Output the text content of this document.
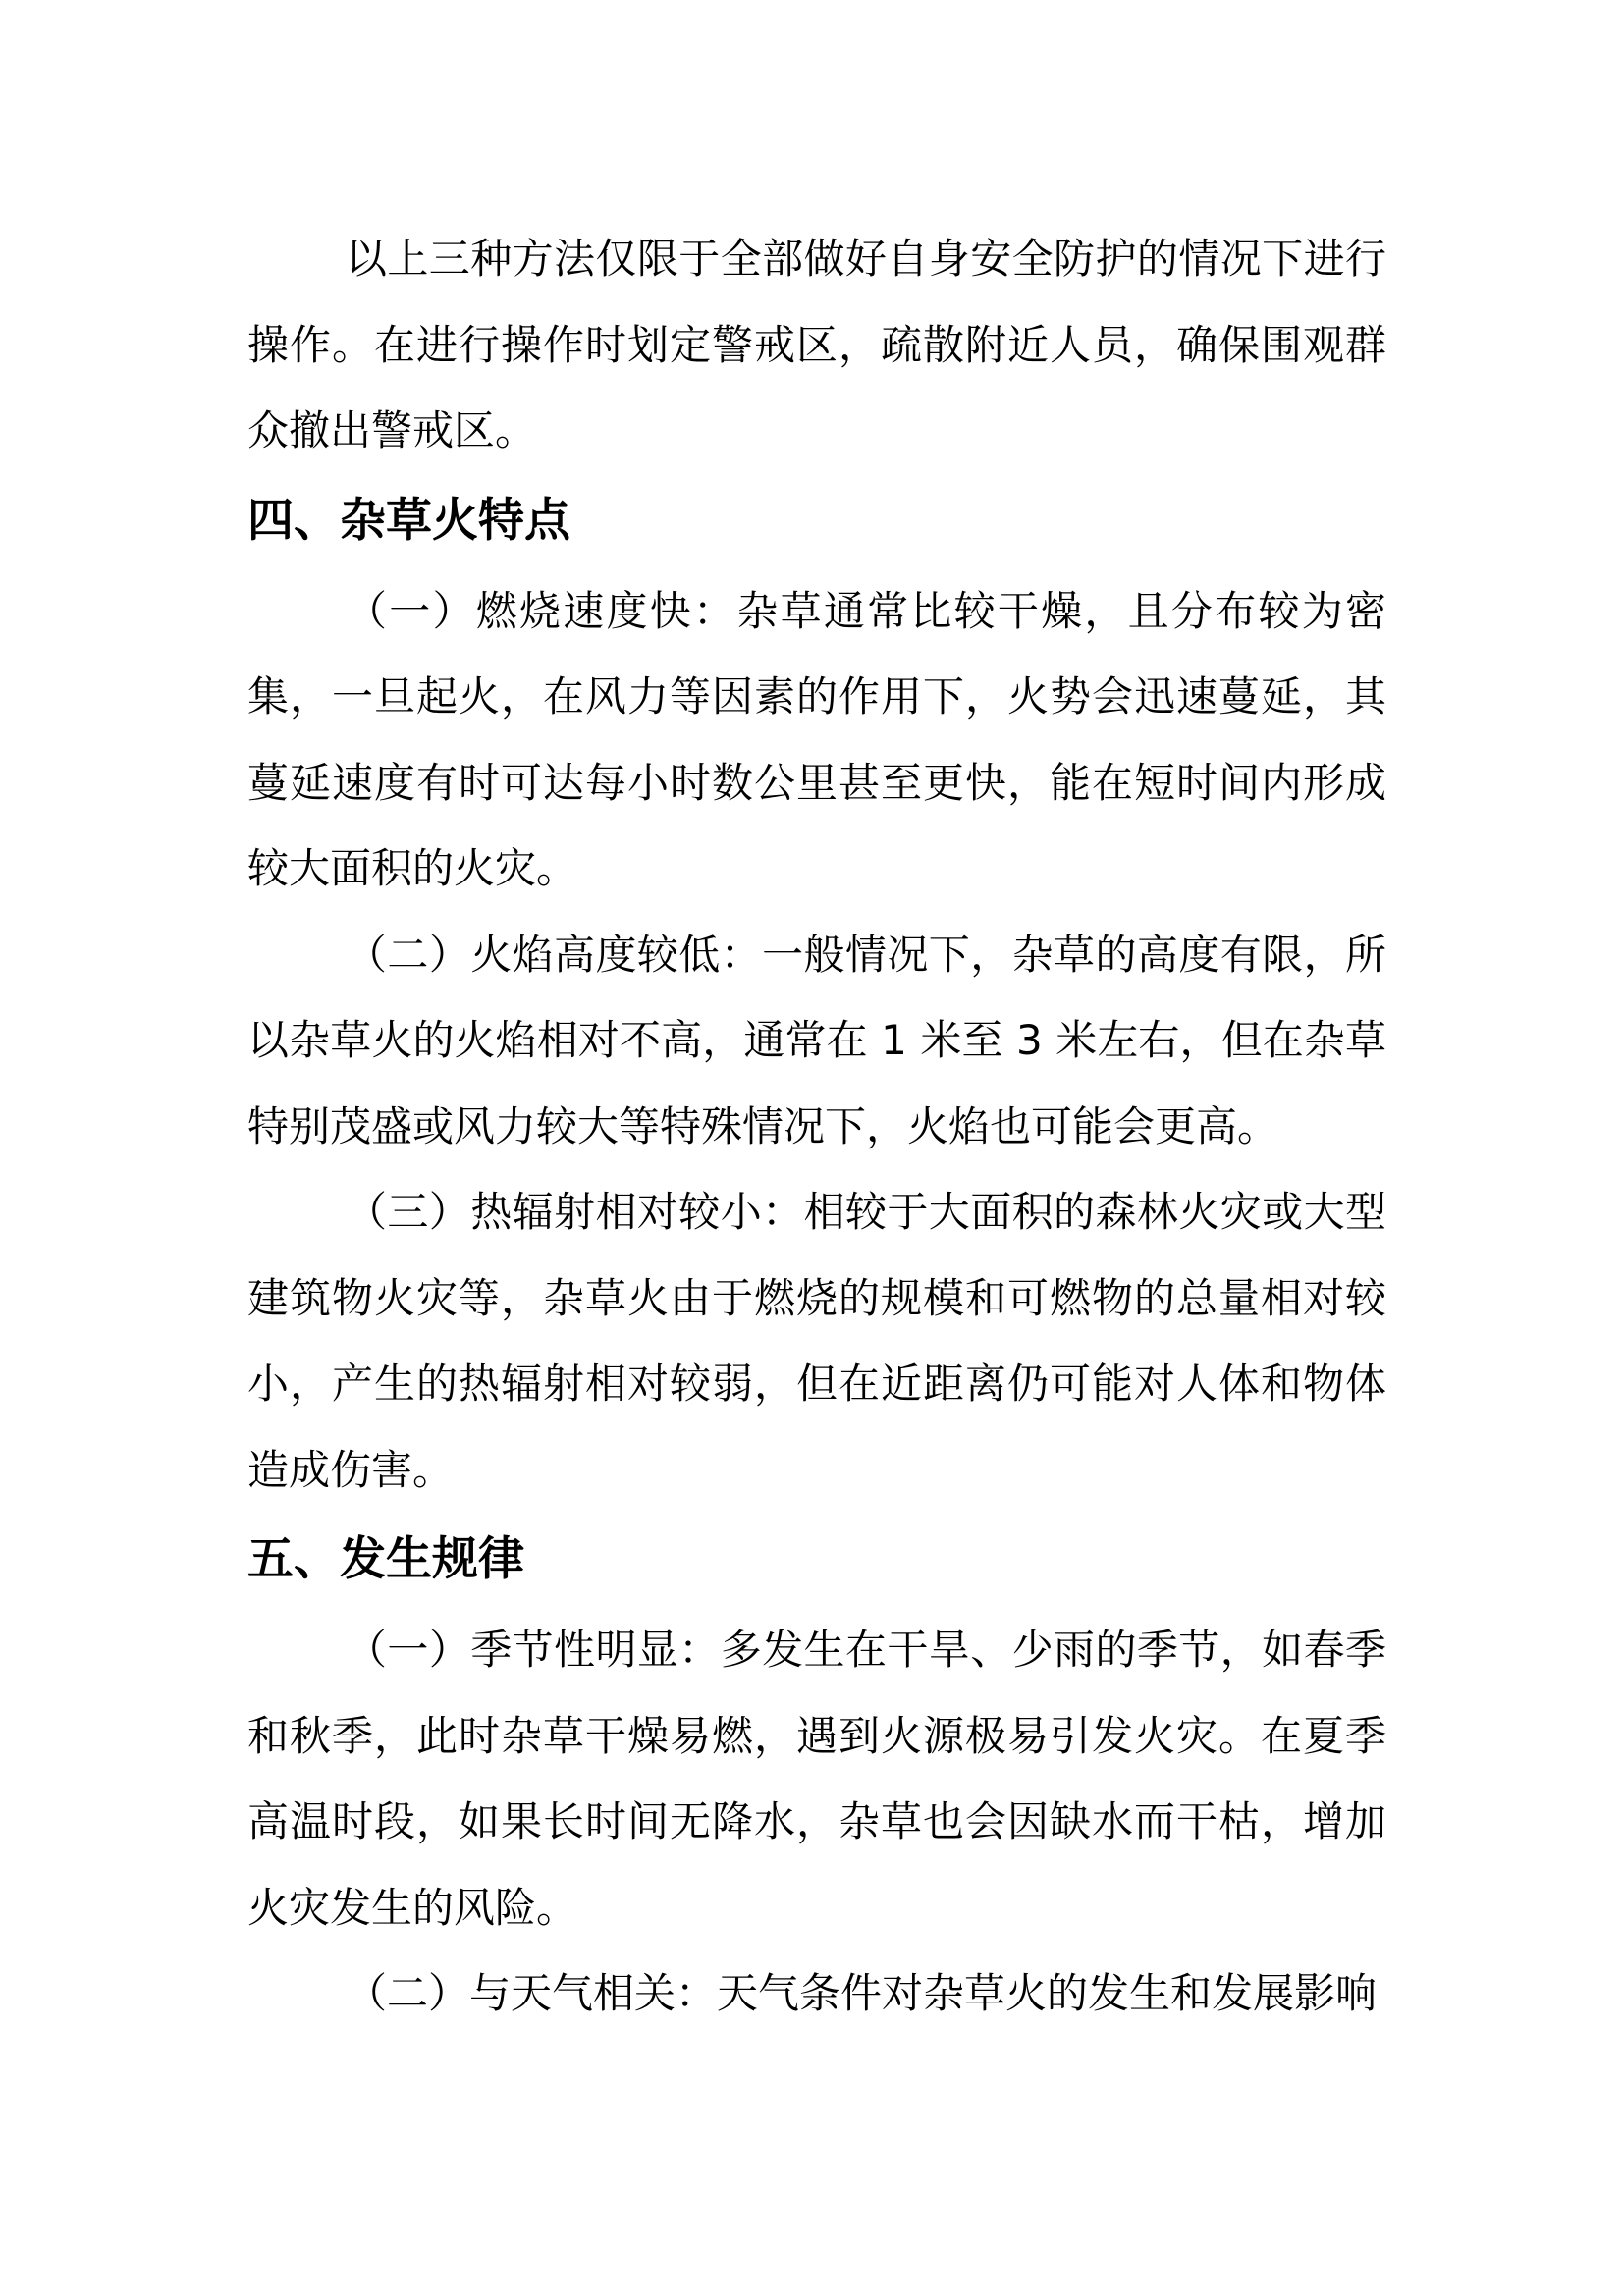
以上三种方法仅限于全部做好自身安全防护的情况下进行操作。在进行操作时划定警戒区，疏散附近人员，确保围观群众撤出警戒区。

四、杂草火特点

（一）燃烧速度快：杂草通常比较干燥，且分布较为密集，一旦起火，在风力等因素的作用下，火势会迅速蔓延，其蔓延速度有时可达每小时数公里甚至更快，能在短时间内形成较大面积的火灾。

（二）火焰高度较低：一般情况下，杂草的高度有限，所以杂草火的火焰相对不高，通常在 1 米至 3 米左右，但在杂草特别茂盛或风力较大等特殊情况下，火焰也可能会更高。

（三）热辐射相对较小：相较于大面积的森林火灾或大型建筑物火灾等，杂草火由于燃烧的规模和可燃物的总量相对较小，产生的热辐射相对较弱，但在近距离仍可能对人体和物体造成伤害。

五、发生规律

（一）季节性明显：多发生在干旱、少雨的季节，如春季和秋季，此时杂草干燥易燃，遇到火源极易引发火灾。在夏季高温时段，如果长时间无降水，杂草也会因缺水而干枯，增加火灾发生的风险。

（二）与天气相关：天气条件对杂草火的发生和发展影响
